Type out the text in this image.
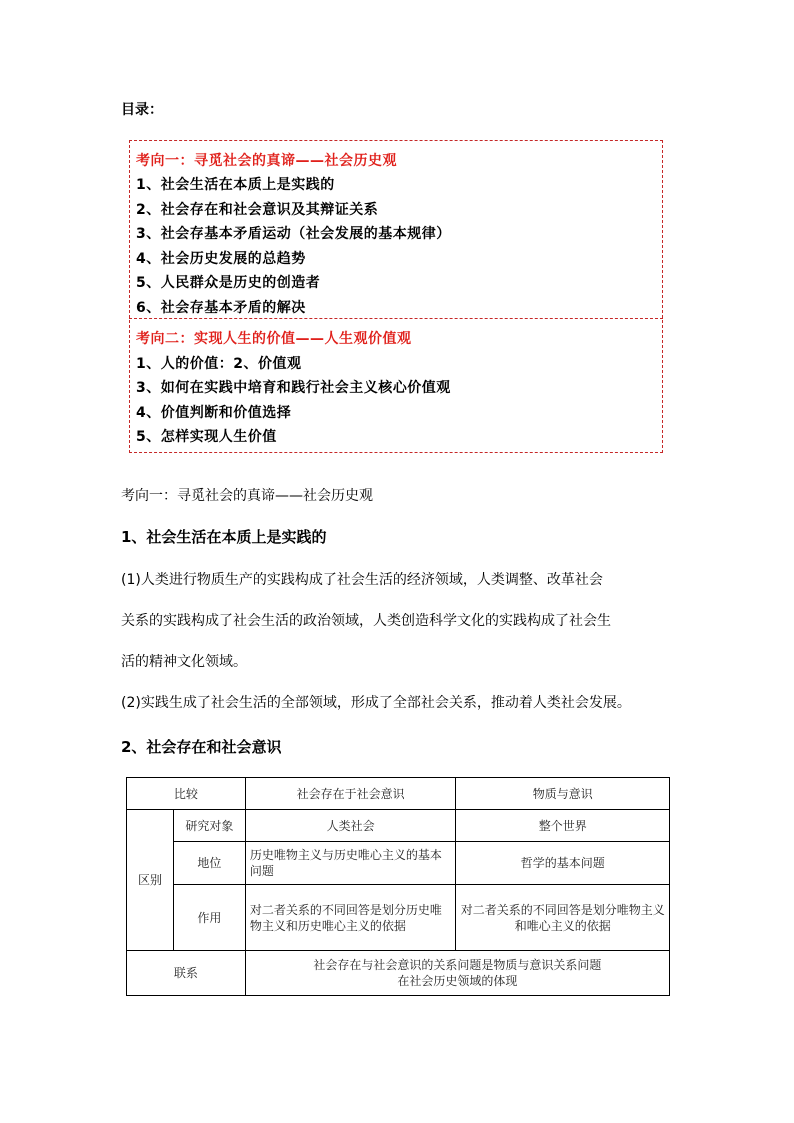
目录：
考向一：寻觅社会的真谛——社会历史观
1、社会生活在本质上是实践的
2、社会存在和社会意识及其辩证关系
3、社会存基本矛盾运动（社会发展的基本规律）
4、社会历史发展的总趋势
5、人民群众是历史的创造者
6、社会存基本矛盾的解决
考向二：实现人生的价值——人生观价值观
1、人的价值：2、价值观
3、如何在实践中培育和践行社会主义核心价值观
4、价值判断和价值选择
5、怎样实现人生价值
考向一：寻觅社会的真谛——社会历史观
1、社会生活在本质上是实践的
(1)人类进行物质生产的实践构成了社会生活的经济领域，人类调整、改革社会
关系的实践构成了社会生活的政治领域，人类创造科学文化的实践构成了社会生
活的精神文化领域。
(2)实践生成了社会生活的全部领域，形成了全部社会关系，推动着人类社会发展。
2、社会存在和社会意识
比较		社会存在于社会意识	物质与意识
区别	研究对象	人类社会	整个世界
	地位	历史唯物主义与历史唯心主义的基本问题	哲学的基本问题
	作用	对二者关系的不同回答是划分历史唯物主义和历史唯心主义的依据	对二者关系的不同回答是划分唯物主义和唯心主义的依据
联系		社会存在与社会意识的关系问题是物质与意识关系问题
在社会历史领域的体现	
